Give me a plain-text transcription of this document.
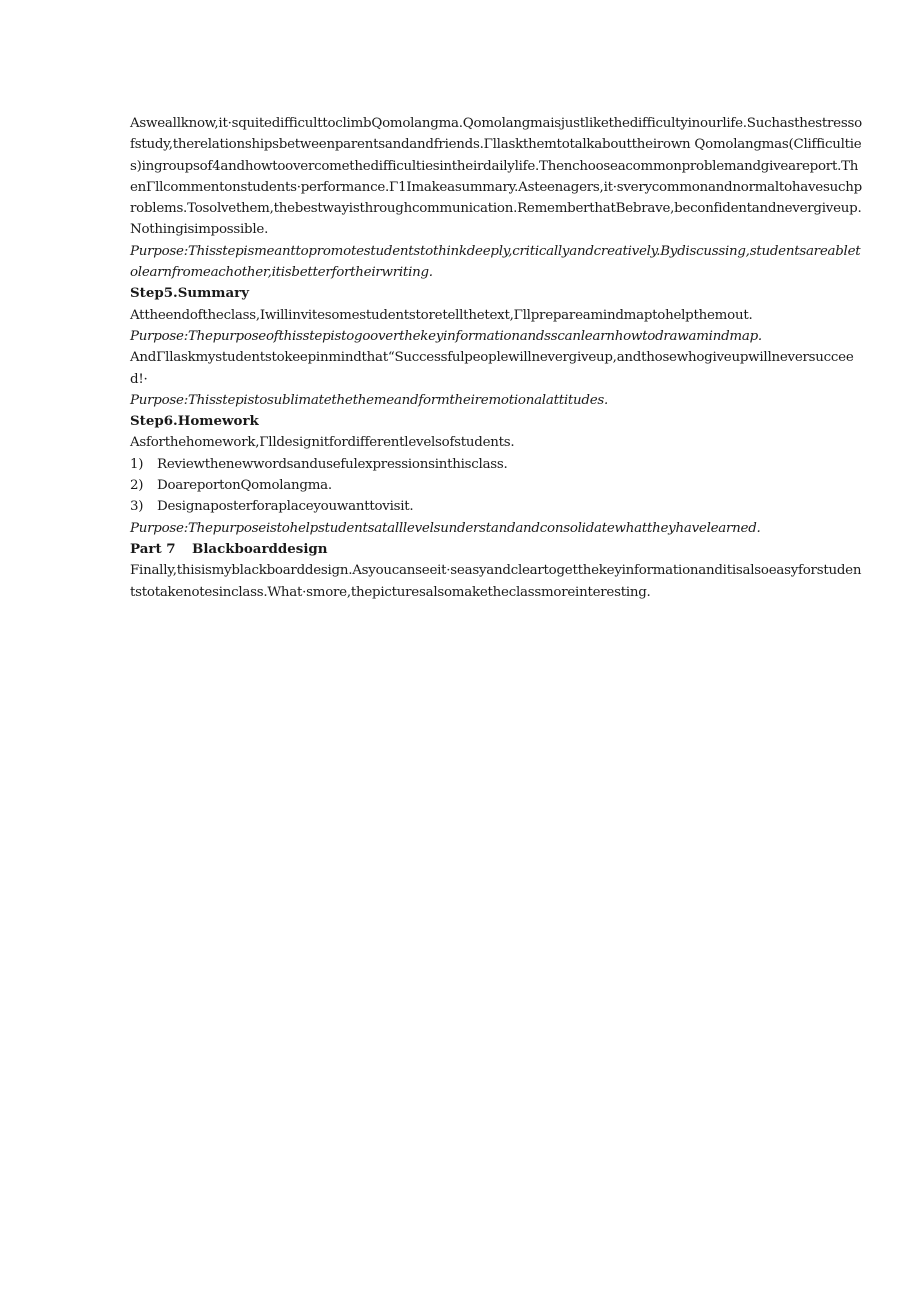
Asweallknow,it·squitedifficulttoclimbQomolangma.Qomolangmaisjustlikethedifficultyinourlife.Suchasthestressofstudy,therelationshipsbetweenparentsandandfriends.Γllaskthemtotalkabouttheirown Qomolangmas(Clifficulties)ingroupsof4andhowtoovercomethedifficultiesintheirdailylife.Thenchooseacommonproblemandgiveareport.ThenΓllcommentonstudents·performance.Γ1Imakeasummary.Asteenagers,it·sverycommonandnormaltohavesuchproblems.Tosolvethem,thebestwayisthroughcommunication.RememberthatBebrave,beconfidentandnevergiveup.Nothingisimpossible.

Purpose:Thisstepismeanttopromotestudentstothinkdeeply,criticallyandcreatively.Bydiscussing,studentsareabletolearnfromeachother,itisbetterfortheirwriting.

Step5.Summary

Attheendoftheclass,Iwillinvitesomestudentstoretellthetext,Γllprepareamindmaptohelpthemout.

Purpose:Thepurposeofthisstepistogooverthekeyinformationandsscanlearnhowtodrawamindmap.

AndΓllaskmystudentstokeepinmindthat“Successfulpeoplewillnevergiveup,andthosewhogiveupwillneversucceed!·

Purpose:Thisstepistosublimatethethemeandformtheiremotionalattitudes.

Step6.Homework

Asforthehomework,Γlldesignitfordifferentlevelsofstudents.

1) Reviewthenewwordsandusefulexpressionsinthisclass.

2) DoareportonQomolangma.

3) Designaposterforaplaceyouwanttovisit.

Purpose:Thepurposeistohelpstudentsatalllevelsunderstandandconsolidatewhattheyhavelearned.

Part 7 Blackboarddesign

Finally,thisismyblackboarddesign.Asyoucanseeit·seasyandcleartogetthekeyinformationanditisalsoeasyforstudentstotakenotesinclass.What·smore,thepicturesalsomaketheclassmoreinteresting.
